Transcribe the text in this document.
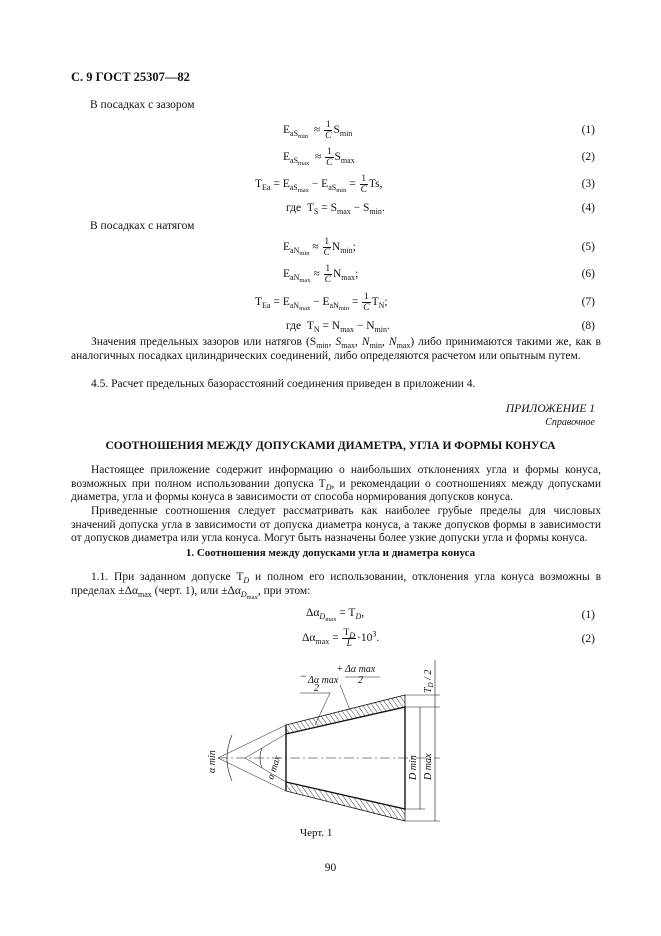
С. 9 ГОСТ 25307—82
В посадках с зазором
$E_{aS_{min}} \approx \frac{1}{C} S_{min}$	(1)
$E_{aS_{max}} \approx \frac{1}{C} S_{max}$	(2)
$T_{Ea} = E_{aS_{max}} - E_{aS_{min}} = \frac{1}{C} Ts$,	(3)
где  $T_S = S_{max} - S_{min}$.	(4)
В посадках с натягом
$E_{aN_{min}} \approx \frac{1}{C} N_{min}$;	(5)
$E_{aN_{max}} \approx \frac{1}{C} N_{max}$;	(6)
$T_{Ea} = E_{aN_{max}} - E_{aN_{min}} = \frac{1}{C} T_N$;	(7)
где  $T_N = N_{max} - N_{min}$.	(8)
Значения предельных зазоров или натягов ($S_{min}$, $S_{max}$, $N_{min}$, $N_{max}$) либо принимаются такими же, как в аналогичных посадках цилиндрических соединений, либо определяются расчетом или опытным путем.
4.5. Расчет предельных базорасстояний соединения приведен в приложении 4.
ПРИЛОЖЕНИЕ 1
Справочное
СООТНОШЕНИЯ МЕЖДУ ДОПУСКАМИ ДИАМЕТРА, УГЛА И ФОРМЫ КОНУСА
Настоящее приложение содержит информацию о наибольших отклонениях угла и формы конуса, возможных при полном использовании допуска $Т_D$, и рекомендации о соотношениях между допусками диаметра, угла и формы конуса в зависимости от способа нормирования допусков конуса.
Приведенные соотношения следует рассматривать как наиболее грубые пределы для числовых значений допуска угла в зависимости от допуска диаметра конуса, а также допусков формы в зависимости от допусков диаметра или угла конуса. Могут быть назначены более узкие допуски угла и формы конуса.
1. Соотношения между допусками угла и диаметра конуса
1.1. При заданном допуске $Т_D$ и полном его использовании, отклонения угла конуса возможны в пределах $\pm\Delta\alpha_{max}$ (черт. 1), или $\pm\Delta\alpha_{D_{max}}$, при этом:
$\Delta\alpha_{D_{max}} = T_D$,	(1)
$\Delta\alpha_{max} = \frac{T_D}{L} \cdot 10^3$.	(2)
− Δα max
2
+ Δα max
2
α min	α max	D min D max
$T_D / 2$
Черт. 1
90
